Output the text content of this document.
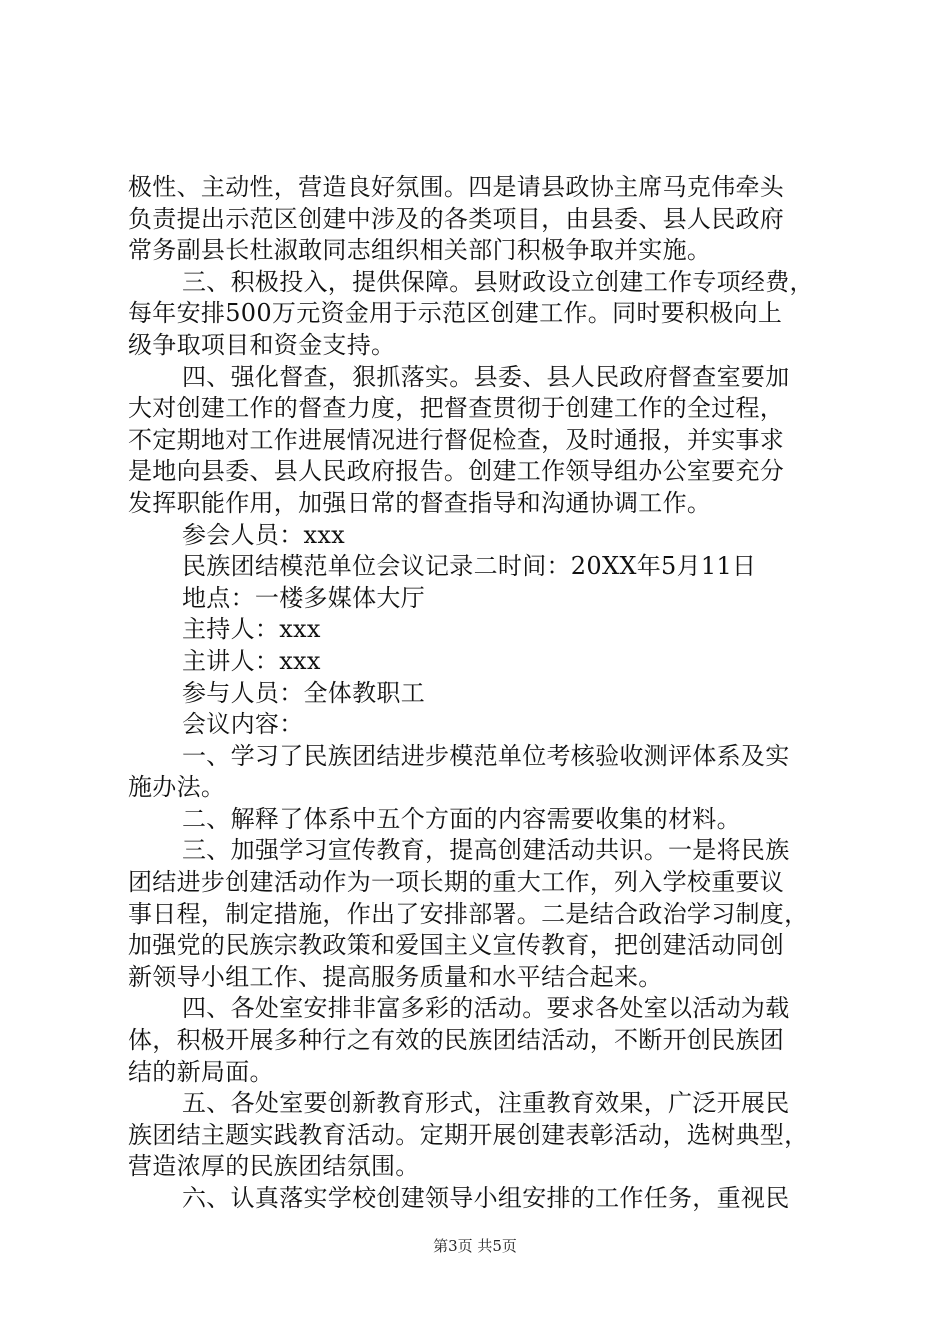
极性、主动性，营造良好氛围。四是请县政协主席马克伟牵头
负责提出示范区创建中涉及的各类项目，由县委、县人民政府
常务副县长杜淑敢同志组织相关部门积极争取并实施。
三、积极投入，提供保障。县财政设立创建工作专项经费，
每年安排500万元资金用于示范区创建工作。同时要积极向上
级争取项目和资金支持。
四、强化督查，狠抓落实。县委、县人民政府督查室要加
大对创建工作的督查力度，把督查贯彻于创建工作的全过程，
不定期地对工作进展情况进行督促检查，及时通报，并实事求
是地向县委、县人民政府报告。创建工作领导组办公室要充分
发挥职能作用，加强日常的督查指导和沟通协调工作。
参会人员：xxx
民族团结模范单位会议记录二时间：20XX年5月11日
地点：一楼多媒体大厅
主持人：xxx
主讲人：xxx
参与人员：全体教职工
会议内容：
一、学习了民族团结进步模范单位考核验收测评体系及实
施办法。
二、解释了体系中五个方面的内容需要收集的材料。
三、加强学习宣传教育，提高创建活动共识。一是将民族
团结进步创建活动作为一项长期的重大工作，列入学校重要议
事日程，制定措施，作出了安排部署。二是结合政治学习制度，
加强党的民族宗教政策和爱国主义宣传教育，把创建活动同创
新领导小组工作、提高服务质量和水平结合起来。
四、各处室安排非富多彩的活动。要求各处室以活动为载
体，积极开展多种行之有效的民族团结活动，不断开创民族团
结的新局面。
五、各处室要创新教育形式，注重教育效果，广泛开展民
族团结主题实践教育活动。定期开展创建表彰活动，选树典型，
营造浓厚的民族团结氛围。
六、认真落实学校创建领导小组安排的工作任务，重视民
第3页 共5页
